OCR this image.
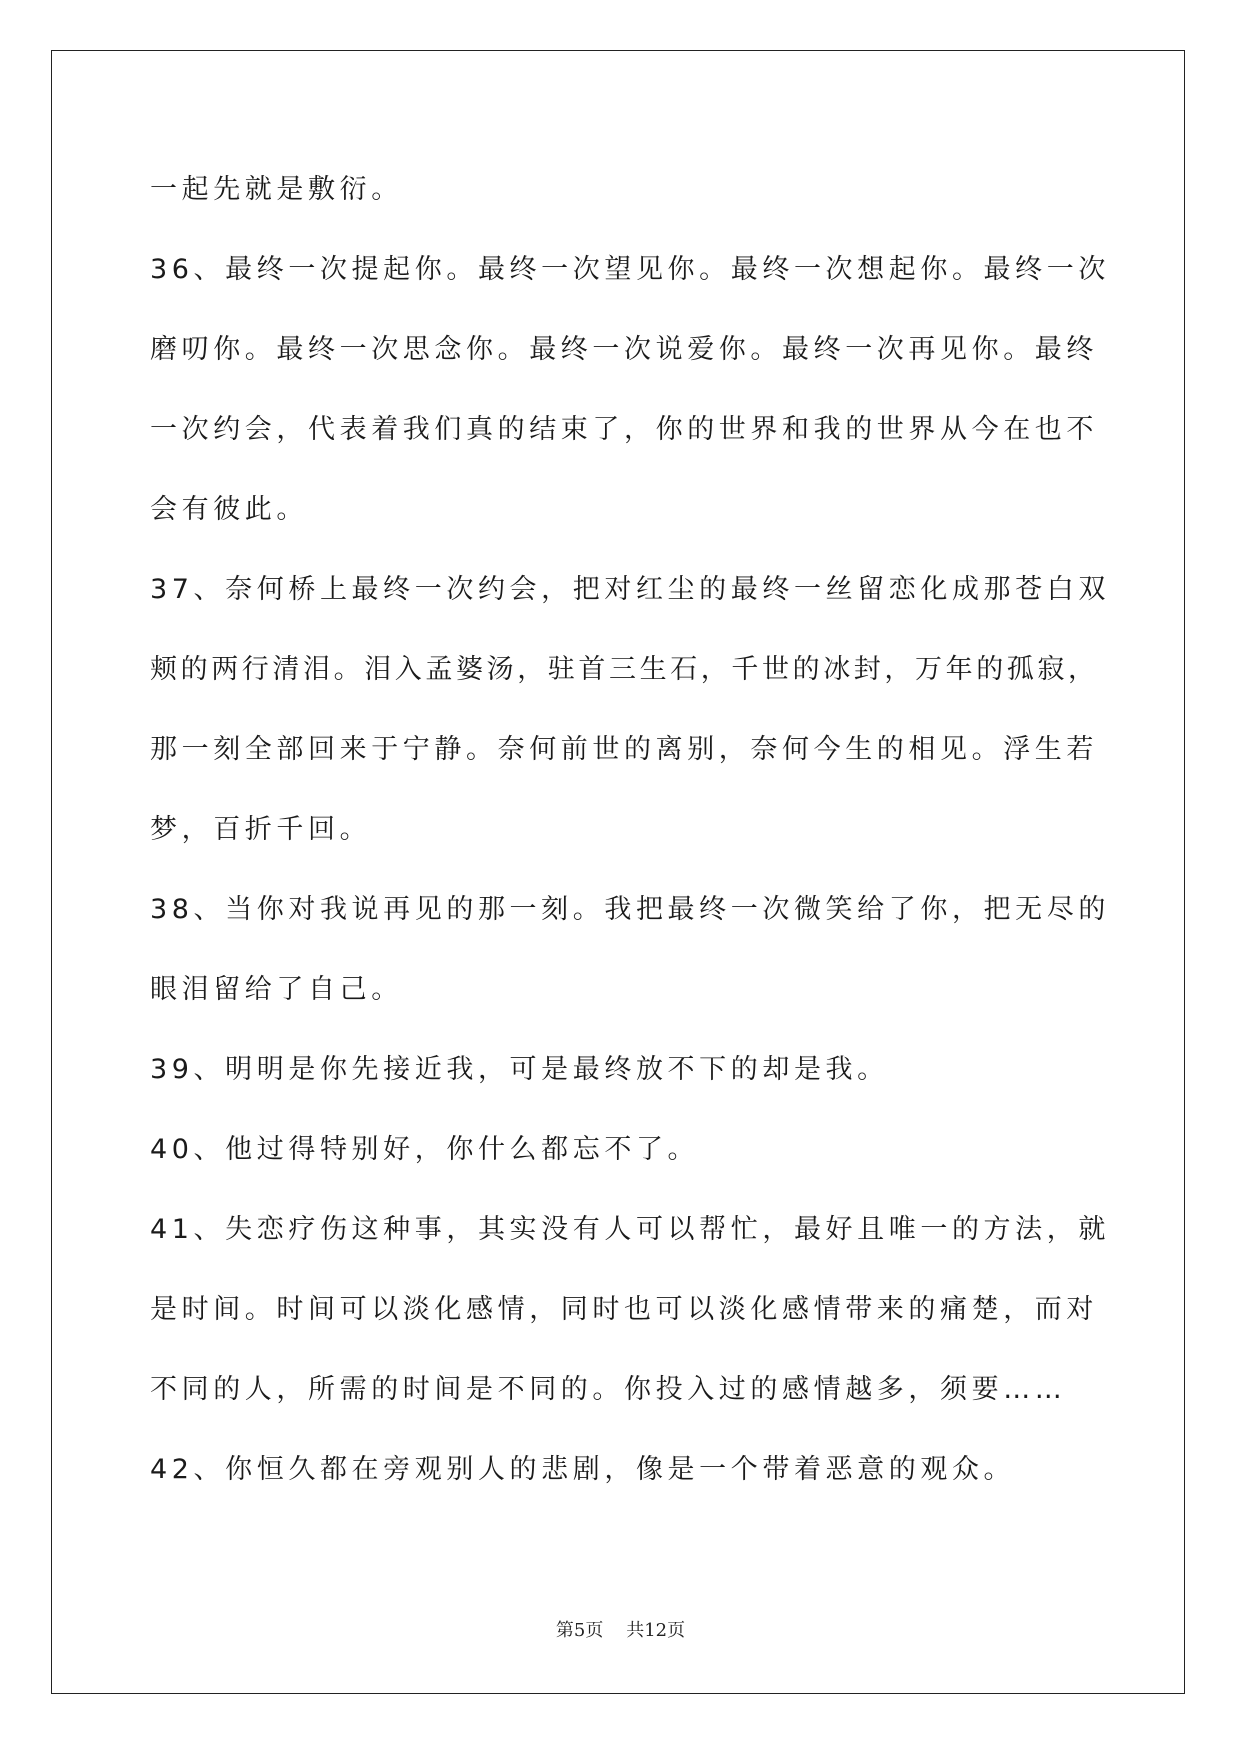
一起先就是敷衍。
36、最终一次提起你。最终一次望见你。最终一次想起你。最终一次
磨叨你。最终一次思念你。最终一次说爱你。最终一次再见你。最终
一次约会，代表着我们真的结束了，你的世界和我的世界从今在也不
会有彼此。
37、奈何桥上最终一次约会，把对红尘的最终一丝留恋化成那苍白双
颊的两行清泪。泪入孟婆汤，驻首三生石，千世的冰封，万年的孤寂，
那一刻全部回来于宁静。奈何前世的离别，奈何今生的相见。浮生若
梦，百折千回。
38、当你对我说再见的那一刻。我把最终一次微笑给了你，把无尽的
眼泪留给了自己。
39、明明是你先接近我，可是最终放不下的却是我。
40、他过得特别好，你什么都忘不了。
41、失恋疗伤这种事，其实没有人可以帮忙，最好且唯一的方法，就
是时间。时间可以淡化感情，同时也可以淡化感情带来的痛楚，而对
不同的人，所需的时间是不同的。你投入过的感情越多，须要……
42、你恒久都在旁观别人的悲剧，像是一个带着恶意的观众。
第5页 共12页
